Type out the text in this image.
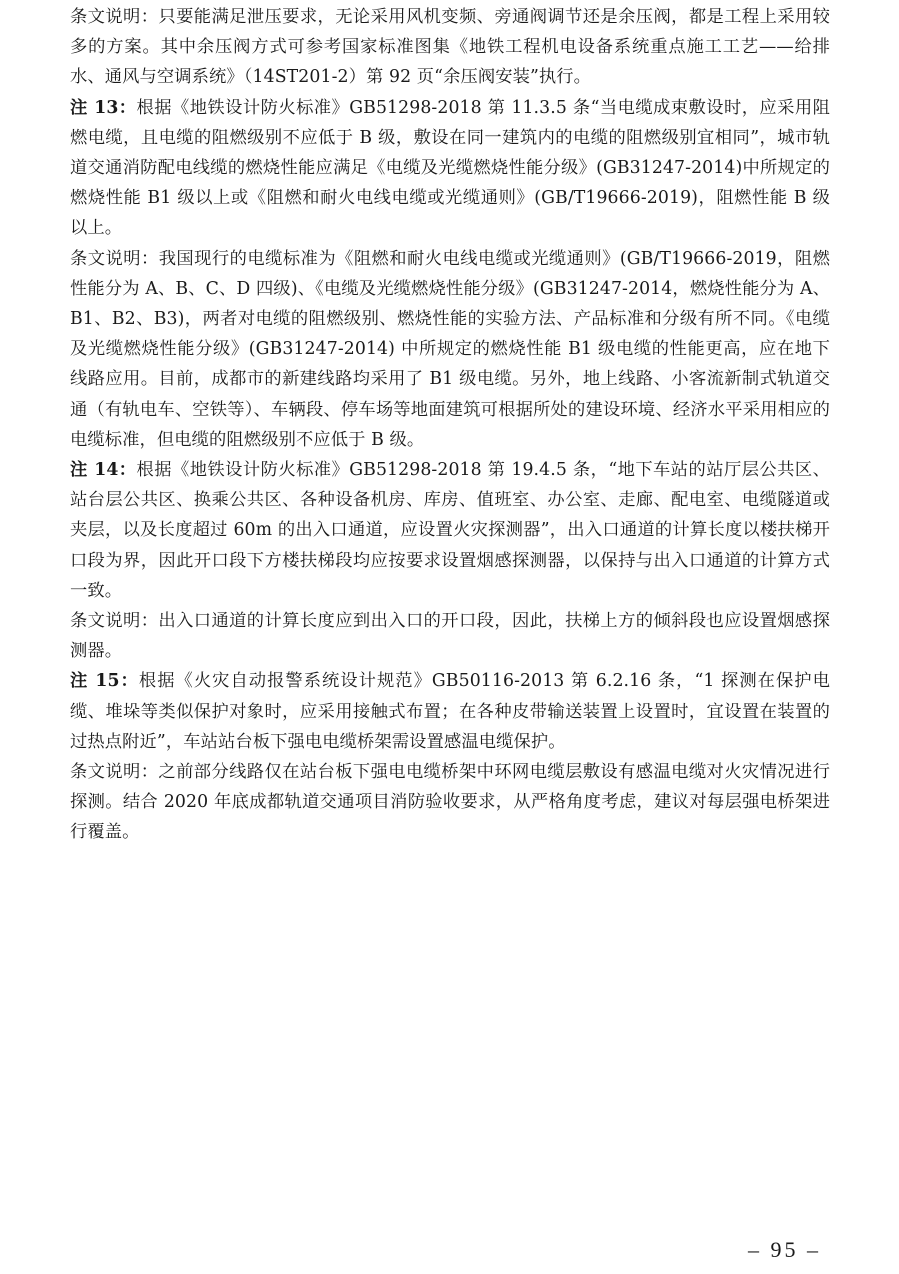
条文说明：只要能满足泄压要求，无论采用风机变频、旁通阀调节还是余压阀，都是工程上采用较多的方案。其中余压阀方式可参考国家标准图集《地铁工程机电设备系统重点施工工艺——给排水、通风与空调系统》（14ST201-2）第 92 页“余压阀安装”执行。

注 13：根据《地铁设计防火标准》GB51298-2018 第 11.3.5 条“当电缆成束敷设时，应采用阻燃电缆，且电缆的阻燃级别不应低于 B 级，敷设在同一建筑内的电缆的阻燃级别宜相同”，城市轨道交通消防配电线缆的燃烧性能应满足《电缆及光缆燃烧性能分级》(GB31247-2014)中所规定的燃烧性能 B1 级以上或《阻燃和耐火电线电缆或光缆通则》(GB/T19666-2019)，阻燃性能 B 级以上。

条文说明：我国现行的电缆标准为《阻燃和耐火电线电缆或光缆通则》(GB/T19666-2019，阻燃性能分为 A、B、C、D 四级)、《电缆及光缆燃烧性能分级》(GB31247-2014，燃烧性能分为 A、B1、B2、B3)，两者对电缆的阻燃级别、燃烧性能的实验方法、产品标准和分级有所不同。《电缆及光缆燃烧性能分级》(GB31247-2014) 中所规定的燃烧性能 B1 级电缆的性能更高，应在地下线路应用。目前，成都市的新建线路均采用了 B1 级电缆。另外，地上线路、小客流新制式轨道交通（有轨电车、空铁等）、车辆段、停车场等地面建筑可根据所处的建设环境、经济水平采用相应的电缆标准，但电缆的阻燃级别不应低于 B 级。

注 14：根据《地铁设计防火标准》GB51298-2018 第 19.4.5 条，“地下车站的站厅层公共区、站台层公共区、换乘公共区、各种设备机房、库房、值班室、办公室、走廊、配电室、电缆隧道或夹层，以及长度超过 60m 的出入口通道，应设置火灾探测器”，出入口通道的计算长度以楼扶梯开口段为界，因此开口段下方楼扶梯段均应按要求设置烟感探测器，以保持与出入口通道的计算方式一致。

条文说明：出入口通道的计算长度应到出入口的开口段，因此，扶梯上方的倾斜段也应设置烟感探测器。

注 15：根据《火灾自动报警系统设计规范》GB50116-2013 第 6.2.16 条，“1 探测在保护电缆、堆垛等类似保护对象时，应采用接触式布置；在各种皮带输送装置上设置时，宜设置在装置的过热点附近”，车站站台板下强电电缆桥架需设置感温电缆保护。

条文说明：之前部分线路仅在站台板下强电电缆桥架中环网电缆层敷设有感温电缆对火灾情况进行探测。结合 2020 年底成都轨道交通项目消防验收要求，从严格角度考虑，建议对每层强电桥架进行覆盖。

– 95 –
